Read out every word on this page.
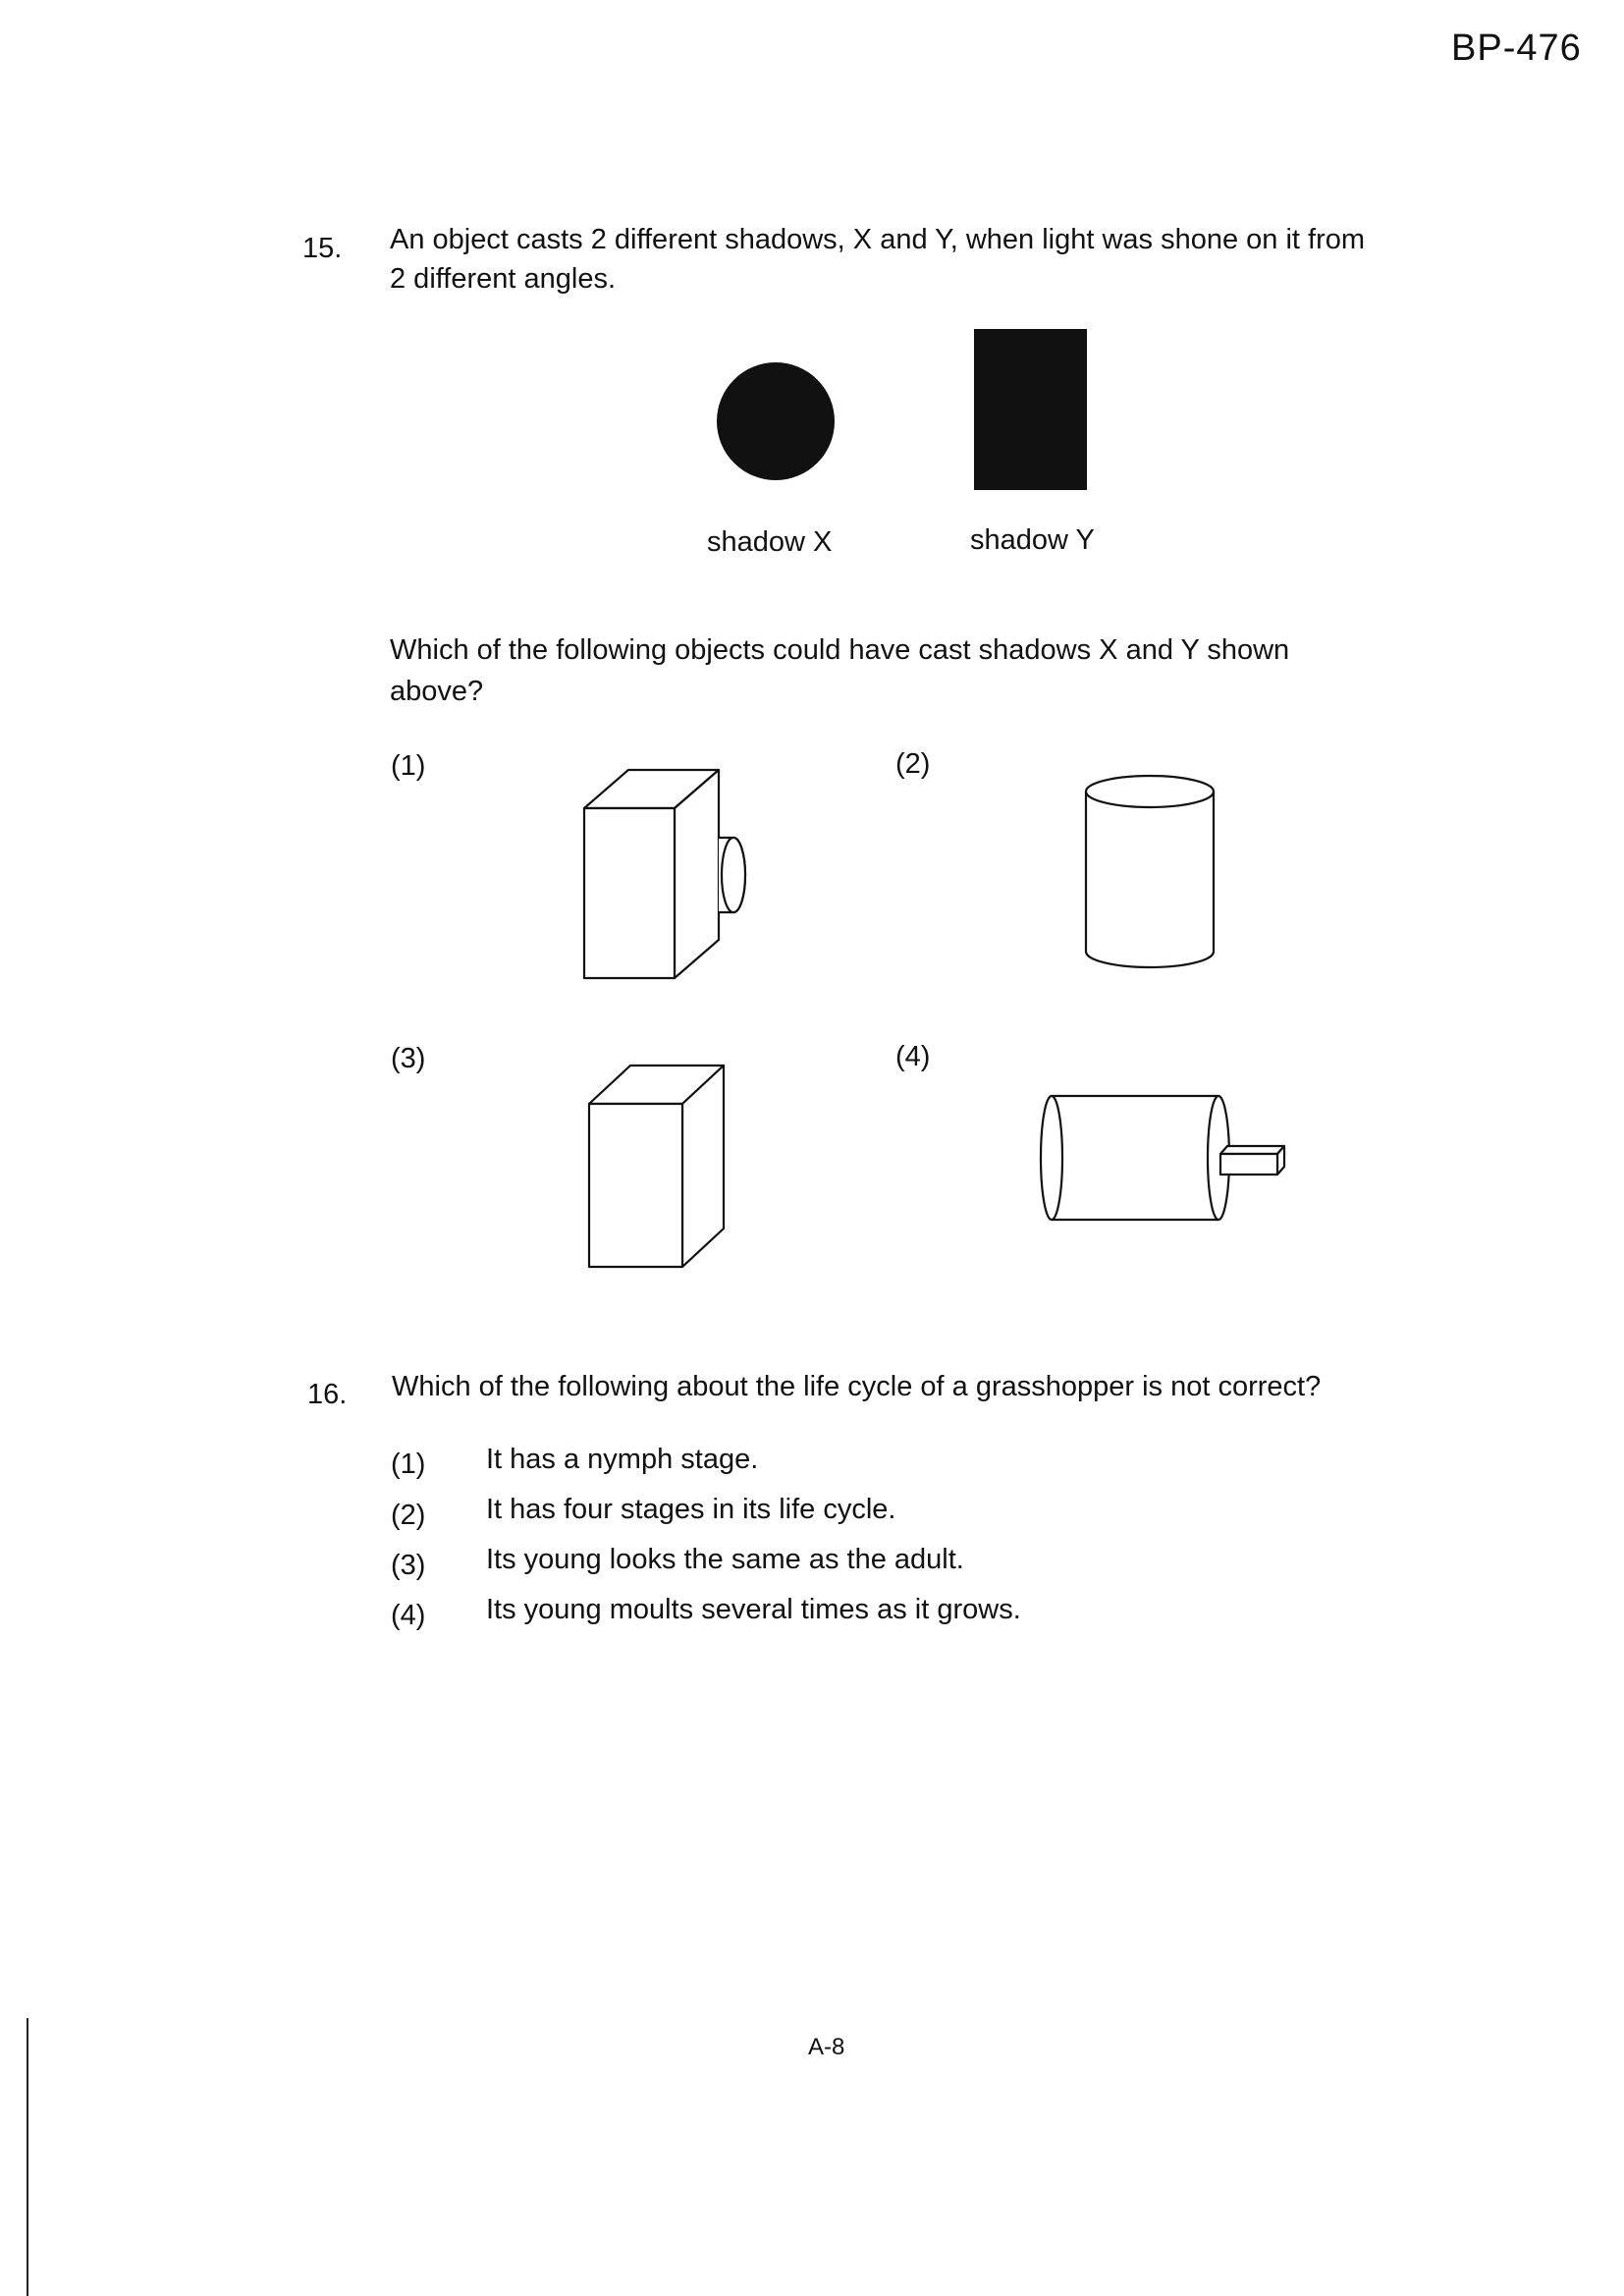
BP-476
15. An object casts 2 different shadows, X and Y, when light was shone on it from
2 different angles.
shadow X	shadow Y
Which of the following objects could have cast shadows X and Y shown
above?
(1)	(2)
(3)	(4)
16. Which of the following about the life cycle of a grasshopper is not correct?
(1) It has a nymph stage.
(2) It has four stages in its life cycle.
(3) Its young looks the same as the adult.
(4) Its young moults several times as it grows.
A-8
